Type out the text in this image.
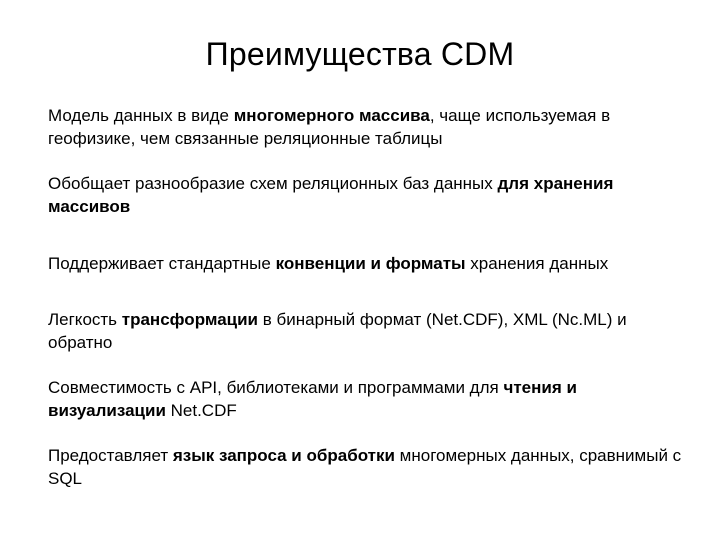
Преимущества CDM
Модель данных в виде многомерного массива, чаще используемая в геофизике, чем связанные реляционные таблицы
Обобщает разнообразие схем реляционных баз данных для хранения массивов
Поддерживает стандартные конвенции и форматы хранения данных
Легкость трансформации в бинарный формат (Net.CDF), XML (Nc.ML) и обратно
Совместимость с API, библиотеками и программами для чтения и визуализации Net.CDF
Предоставляет язык запроса и обработки многомерных данных, сравнимый с SQL
